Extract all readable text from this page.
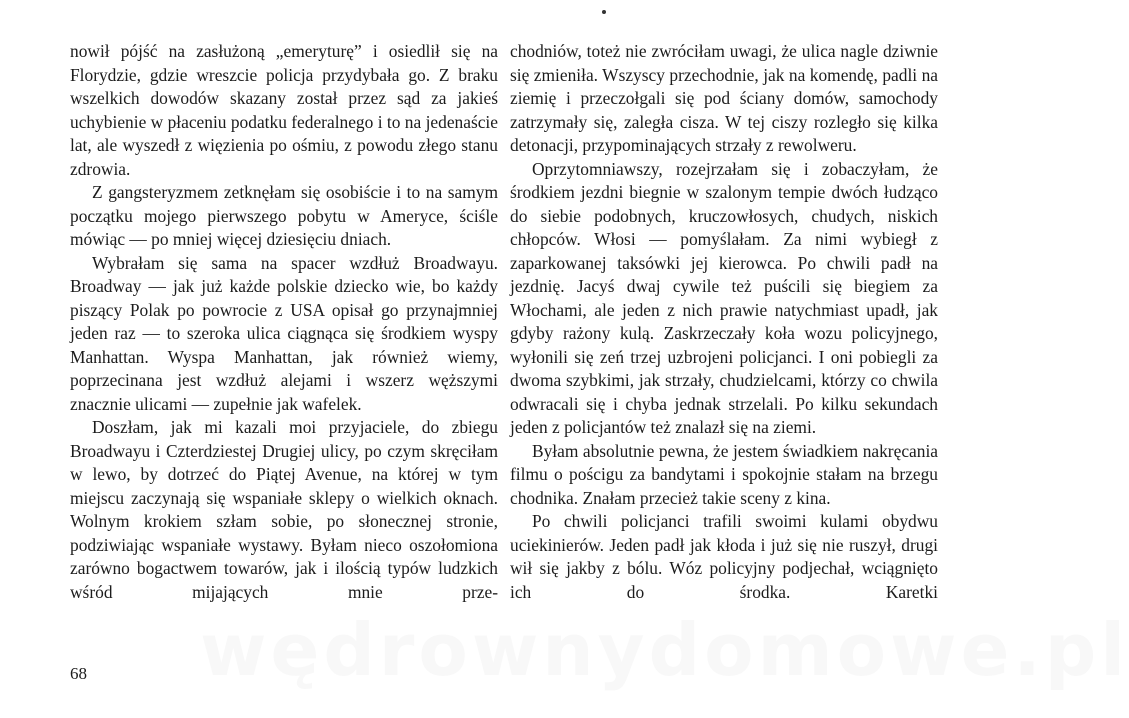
nowił pójść na zasłużoną „emeryturę” i osiedlił się na Florydzie, gdzie wreszcie policja przydybała go. Z braku wszelkich dowodów skazany został przez sąd za jakieś uchybienie w płaceniu podatku federalnego i to na jedenaście lat, ale wyszedł z więzienia po ośmiu, z powodu złego stanu zdrowia.

Z gangsteryzmem zetknęłam się osobiście i to na samym początku mojego pierwszego pobytu w Ameryce, ściśle mówiąc — po mniej więcej dziesięciu dniach.

Wybrałam się sama na spacer wzdłuż Broadwayu. Broadway — jak już każde polskie dziecko wie, bo każdy piszący Polak po powrocie z USA opisał go przynajmniej jeden raz — to szeroka ulica ciągnąca się środkiem wyspy Manhattan. Wyspa Manhattan, jak również wiemy, poprzecinana jest wzdłuż alejami i wszerz węższymi znacznie ulicami — zupełnie jak wafelek.

Doszłam, jak mi kazali moi przyjaciele, do zbiegu Broadwayu i Czterdziestej Drugiej ulicy, po czym skręciłam w lewo, by dotrzeć do Piątej Avenue, na której w tym miejscu zaczynają się wspaniałe sklepy o wielkich oknach. Wolnym krokiem szłam sobie, po słonecznej stronie, podziwiając wspaniałe wystawy. Byłam nieco oszołomiona zarówno bogactwem towarów, jak i ilością typów ludzkich wśród mijających mnie prze-

chodniów, toteż nie zwróciłam uwagi, że ulica nagle dziwnie się zmieniła. Wszyscy przechodnie, jak na komendę, padli na ziemię i przeczołgali się pod ściany domów, samochody zatrzymały się, zaległa cisza. W tej ciszy rozległo się kilka detonacji, przypominających strzały z rewolweru.

Oprzytomniawszy, rozejrzałam się i zobaczyłam, że środkiem jezdni biegnie w szalonym tempie dwóch łudząco do siebie podobnych, kruczowłosych, chudych, niskich chłopców. Włosi — pomyślałam. Za nimi wybiegł z zaparkowanej taksówki jej kierowca. Po chwili padł na jezdnię. Jacyś dwaj cywile też puścili się biegiem za Włochami, ale jeden z nich prawie natychmiast upadł, jak gdyby rażony kulą. Zaskrzeczały koła wozu policyjnego, wyłonili się zeń trzej uzbrojeni policjanci. I oni pobiegli za dwoma szybkimi, jak strzały, chudzielcami, którzy co chwila odwracali się i chyba jednak strzelali. Po kilku sekundach jeden z policjantów też znalazł się na ziemi.

Byłam absolutnie pewna, że jestem świadkiem nakręcania filmu o pościgu za bandytami i spokojnie stałam na brzegu chodnika. Znałam przecież takie sceny z kina.

Po chwili policjanci trafili swoimi kulami obydwu uciekinierów. Jeden padł jak kłoda i już się nie ruszył, drugi wił się jakby z bólu. Wóz policyjny podjechał, wciągnięto ich do środka. Karetki

68 wędrownydomowe.pl
